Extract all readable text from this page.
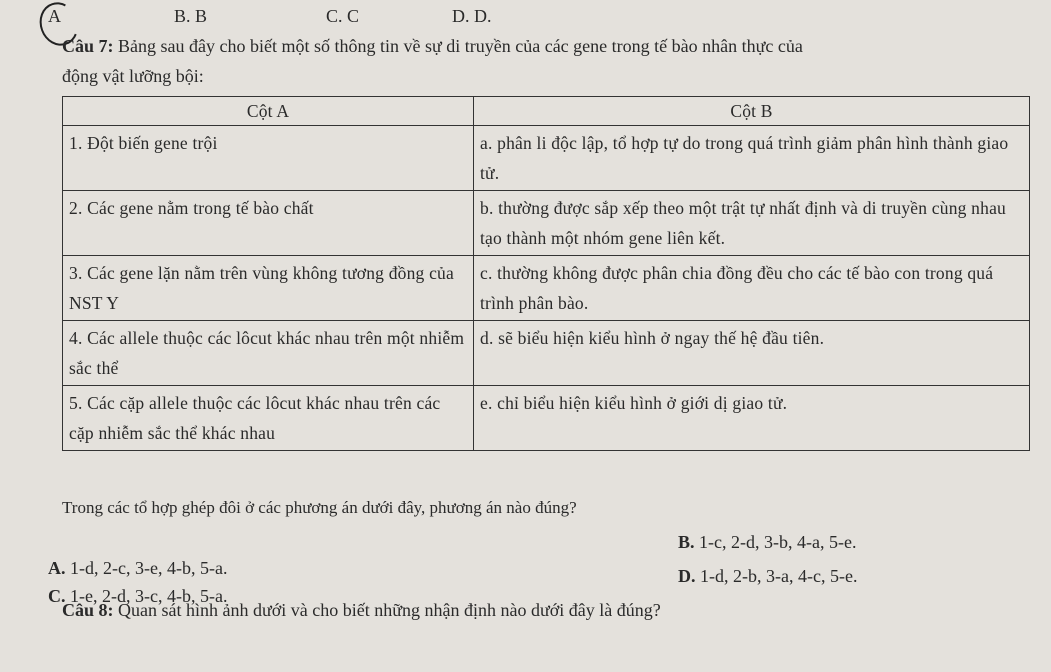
A	B. B	C. C	D. D.
Câu 7: Bảng sau đây cho biết một số thông tin về sự di truyền của các gene trong tế bào nhân thực của
động vật lưỡng bội:
Cột A	Cột B
1. Đột biến gene trội	a. phân li độc lập, tổ hợp tự do trong quá trình giảm phân hình thành giao tử.
2. Các gene nằm trong tế bào chất	b. thường được sắp xếp theo một trật tự nhất định và di truyền cùng nhau tạo thành một nhóm gene liên kết.
3. Các gene lặn nằm trên vùng không tương đồng của NST Y	c. thường không được phân chia đồng đều cho các tế bào con trong quá trình phân bào.
4. Các allele thuộc các lôcut khác nhau trên một nhiễm sắc thể	d. sẽ biểu hiện kiểu hình ở ngay thế hệ đầu tiên.
5. Các cặp allele thuộc các lôcut khác nhau trên các cặp nhiễm sắc thể khác nhau	e. chỉ biểu hiện kiểu hình ở giới dị giao tử.
Trong các tổ hợp ghép đôi ở các phương án dưới đây, phương án nào đúng?
A. 1-d, 2-c, 3-e, 4-b, 5-a.
B. 1-c, 2-d, 3-b, 4-a, 5-e.
C. 1-e, 2-d, 3-c, 4-b, 5-a.
D. 1-d, 2-b, 3-a, 4-c, 5-e.
Câu 8: Quan sát hình ảnh dưới và cho biết những nhận định nào dưới đây là đúng?
